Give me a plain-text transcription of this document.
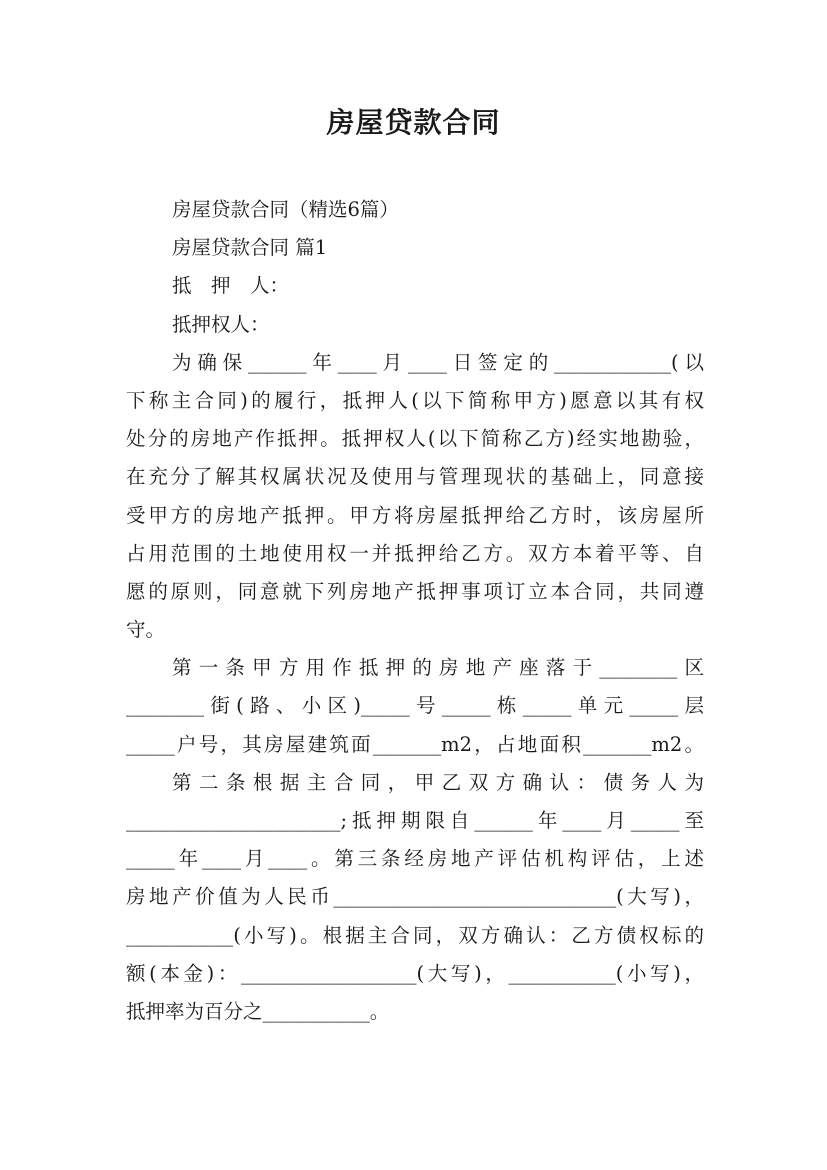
房屋贷款合同
房屋贷款合同（精选6篇）
房屋贷款合同 篇1
抵　押　人：
抵押权人：
为确保______年____月____日签定的____________(以
下称主合同)的履行，抵押人(以下简称甲方)愿意以其有权
处分的房地产作抵押。抵押权人(以下简称乙方)经实地勘验，
在充分了解其权属状况及使用与管理现状的基础上，同意接
受甲方的房地产抵押。甲方将房屋抵押给乙方时，该房屋所
占用范围的土地使用权一并抵押给乙方。双方本着平等、自
愿的原则，同意就下列房地产抵押事项订立本合同，共同遵
守。
第一条甲方用作抵押的房地产座落于________区
________街(路、小区)_____号_____栋_____单元_____层
_____户号，其房屋建筑面_______m2，占地面积_______m2。
第二条根据主合同，甲乙双方确认：债务人为
______________________;抵押期限自______年____月_____至
_____年____月____。第三条经房地产评估机构评估，上述
房地产价值为人民币_____________________________(大写)，
___________(小写)。根据主合同，双方确认：乙方债权标的
额(本金)：__________________(大写)，___________(小写)，
抵押率为百分之___________。
